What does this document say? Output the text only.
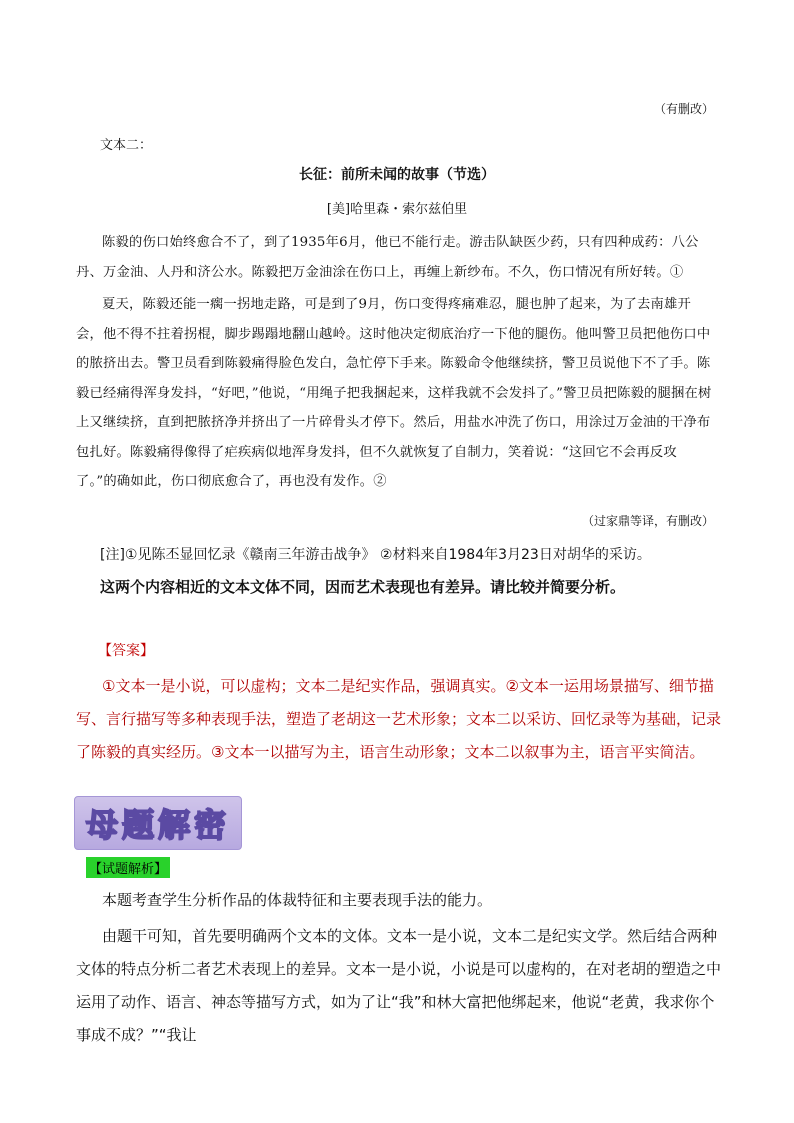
（有删改）
文本二：
长征：前所未闻的故事（节选）
[美]哈里森・索尔兹伯里
陈毅的伤口始终愈合不了，到了1935年6月，他已不能行走。游击队缺医少药，只有四种成药：八公丹、万金油、人丹和济公水。陈毅把万金油涂在伤口上，再缠上新纱布。不久，伤口情况有所好转。①
夏天，陈毅还能一瘸一拐地走路，可是到了9月，伤口变得疼痛难忍，腿也肿了起来，为了去南雄开会，他不得不拄着拐棍，脚步踢蹋地翻山越岭。这时他决定彻底治疗一下他的腿伤。他叫警卫员把他伤口中的脓挤出去。警卫员看到陈毅痛得脸色发白，急忙停下手来。陈毅命令他继续挤，警卫员说他下不了手。陈毅已经痛得浑身发抖，“好吧，”他说，“用绳子把我捆起来，这样我就不会发抖了。”警卫员把陈毅的腿捆在树上又继续挤，直到把脓挤净并挤出了一片碎骨头才停下。然后，用盐水冲洗了伤口，用涂过万金油的干净布包扎好。陈毅痛得像得了疟疾病似地浑身发抖，但不久就恢复了自制力，笑着说：“这回它不会再反攻了。”的确如此，伤口彻底愈合了，再也没有发作。②
（过家鼎等译，有删改）
[注]①见陈丕显回忆录《赣南三年游击战争》 ②材料来自1984年3月23日对胡华的采访。
这两个内容相近的文本文体不同，因而艺术表现也有差异。请比较并简要分析。
【答案】
①文本一是小说，可以虚构；文本二是纪实作品，强调真实。②文本一运用场景描写、细节描写、言行描写等多种表现手法，塑造了老胡这一艺术形象；文本二以采访、回忆录等为基础，记录了陈毅的真实经历。③文本一以描写为主，语言生动形象；文本二以叙事为主，语言平实简洁。
母题解密
【试题解析】
本题考查学生分析作品的体裁特征和主要表现手法的能力。
由题干可知，首先要明确两个文本的文体。文本一是小说，文本二是纪实文学。然后结合两种文体的特点分析二者艺术表现上的差异。文本一是小说，小说是可以虚构的，在对老胡的塑造之中运用了动作、语言、神态等描写方式，如为了让“我”和林大富把他绑起来，他说“老黄，我求你个事成不成？”“我让
